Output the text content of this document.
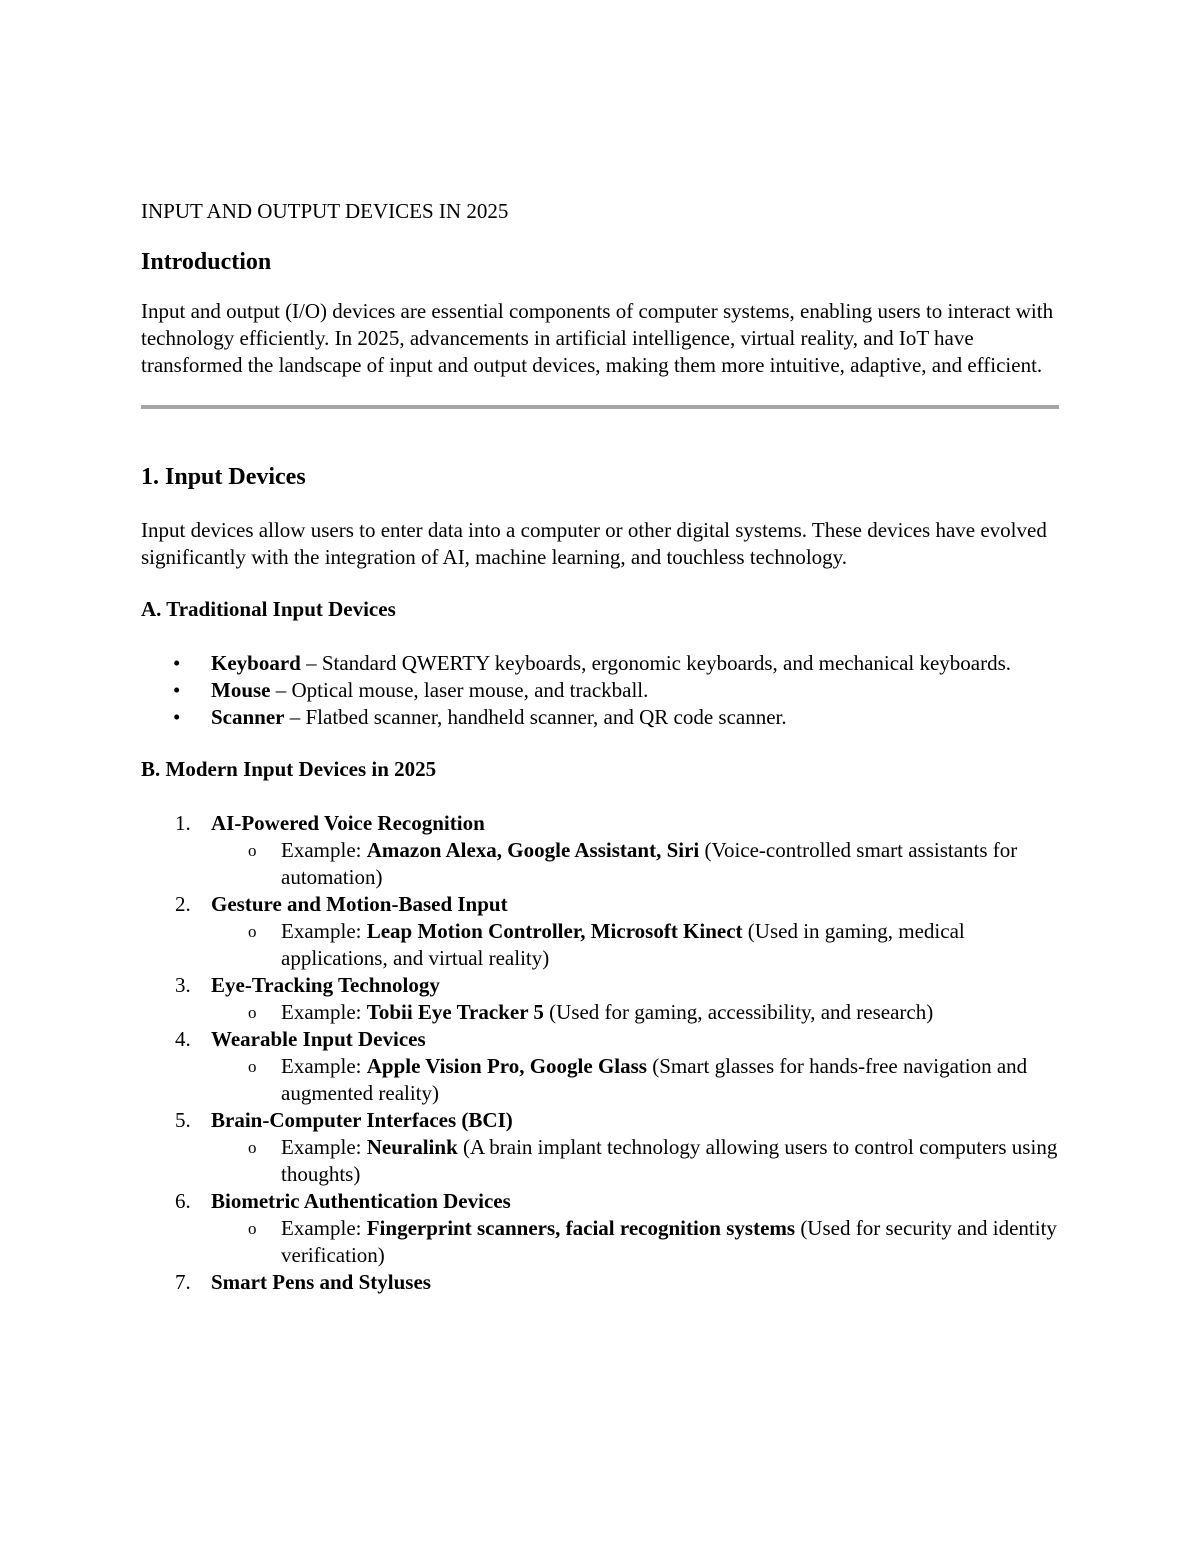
INPUT AND OUTPUT DEVICES IN 2025
Introduction

Input and output (I/O) devices are essential components of computer systems, enabling users to interact with technology efficiently. In 2025, advancements in artificial intelligence, virtual reality, and IoT have transformed the landscape of input and output devices, making them more intuitive, adaptive, and efficient.

1. Input Devices

Input devices allow users to enter data into a computer or other digital systems. These devices have evolved significantly with the integration of AI, machine learning, and touchless technology.

A. Traditional Input Devices
• Keyboard – Standard QWERTY keyboards, ergonomic keyboards, and mechanical keyboards.
• Mouse – Optical mouse, laser mouse, and trackball.
• Scanner – Flatbed scanner, handheld scanner, and QR code scanner.
B. Modern Input Devices in 2025
1. AI-Powered Voice Recognition
o Example: Amazon Alexa, Google Assistant, Siri (Voice-controlled smart assistants for automation)
2. Gesture and Motion-Based Input
o Example: Leap Motion Controller, Microsoft Kinect (Used in gaming, medical applications, and virtual reality)
3. Eye-Tracking Technology
o Example: Tobii Eye Tracker 5 (Used for gaming, accessibility, and research)
4. Wearable Input Devices
o Example: Apple Vision Pro, Google Glass (Smart glasses for hands-free navigation and augmented reality)
5. Brain-Computer Interfaces (BCI)
o Example: Neuralink (A brain implant technology allowing users to control computers using thoughts)
6. Biometric Authentication Devices
o Example: Fingerprint scanners, facial recognition systems (Used for security and identity verification)
7. Smart Pens and Styluses
